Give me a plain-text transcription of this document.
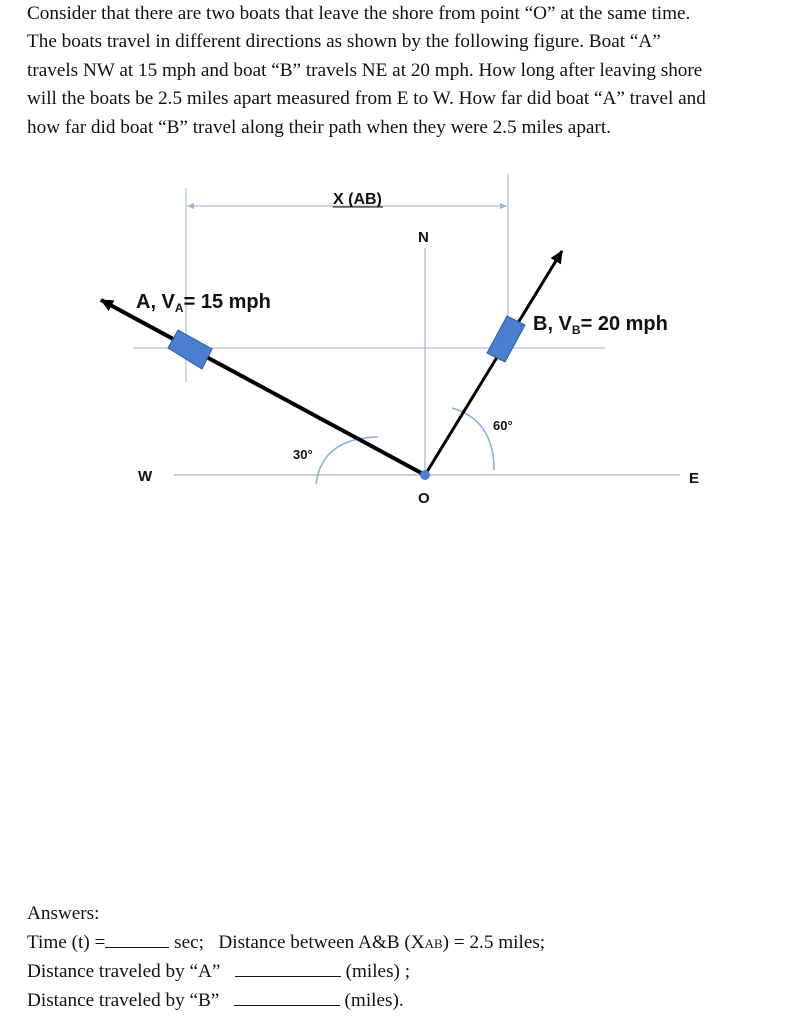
Consider that there are two boats that leave the shore from point “O” at the same time.
The boats travel in different directions as shown by the following figure. Boat “A”
travels NW at 15 mph and boat “B” travels NE at 20 mph. How long after leaving shore
will the boats be 2.5 miles apart measured from E to W. How far did boat “A” travel and
how far did boat “B” travel along their path when they were 2.5 miles apart.
X (AB)
N
W	E
O
30°
60°
A, $V_A= 15$ mph
B, $V_B= 20$ mph
Answers:
Time (t) =	sec; Distance between A&B (XAB) = 2.5 miles;
Distance traveled by “A”	(miles) ;
Distance traveled by “B”	(miles).
